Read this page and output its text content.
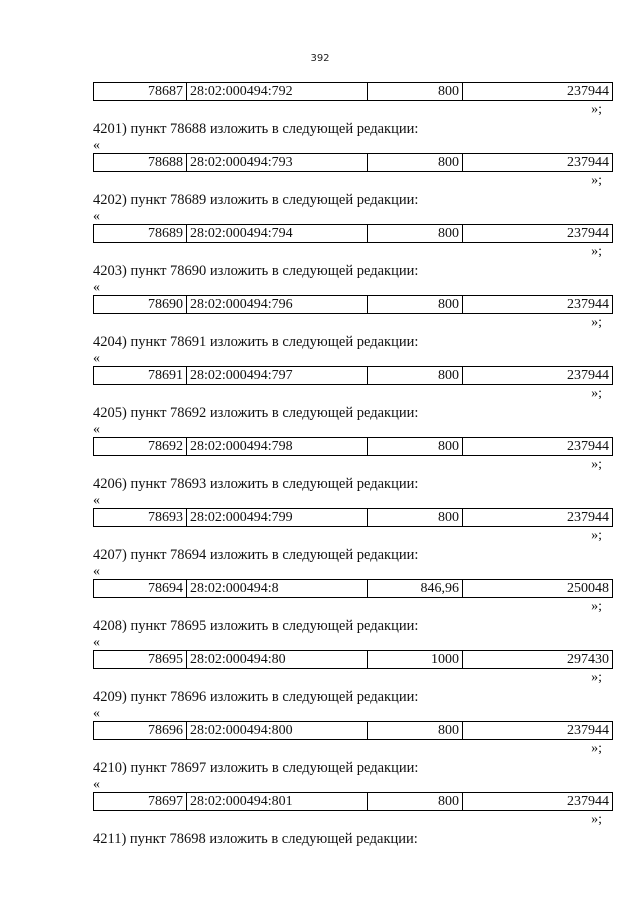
392
78687	28:02:000494:792	800	237944
»;
4201) пункт 78688 изложить в следующей редакции:
«
78688	28:02:000494:793	800	237944
»;
4202) пункт 78689 изложить в следующей редакции:
«
78689	28:02:000494:794	800	237944
»;
4203) пункт 78690 изложить в следующей редакции:
«
78690	28:02:000494:796	800	237944
»;
4204) пункт 78691 изложить в следующей редакции:
«
78691	28:02:000494:797	800	237944
»;
4205) пункт 78692 изложить в следующей редакции:
«
78692	28:02:000494:798	800	237944
»;
4206) пункт 78693 изложить в следующей редакции:
«
78693	28:02:000494:799	800	237944
»;
4207) пункт 78694 изложить в следующей редакции:
«
78694	28:02:000494:8	846,96	250048
»;
4208) пункт 78695 изложить в следующей редакции:
«
78695	28:02:000494:80	1000	297430
»;
4209) пункт 78696 изложить в следующей редакции:
«
78696	28:02:000494:800	800	237944
»;
4210) пункт 78697 изложить в следующей редакции:
«
78697	28:02:000494:801	800	237944
»;
4211) пункт 78698 изложить в следующей редакции:
